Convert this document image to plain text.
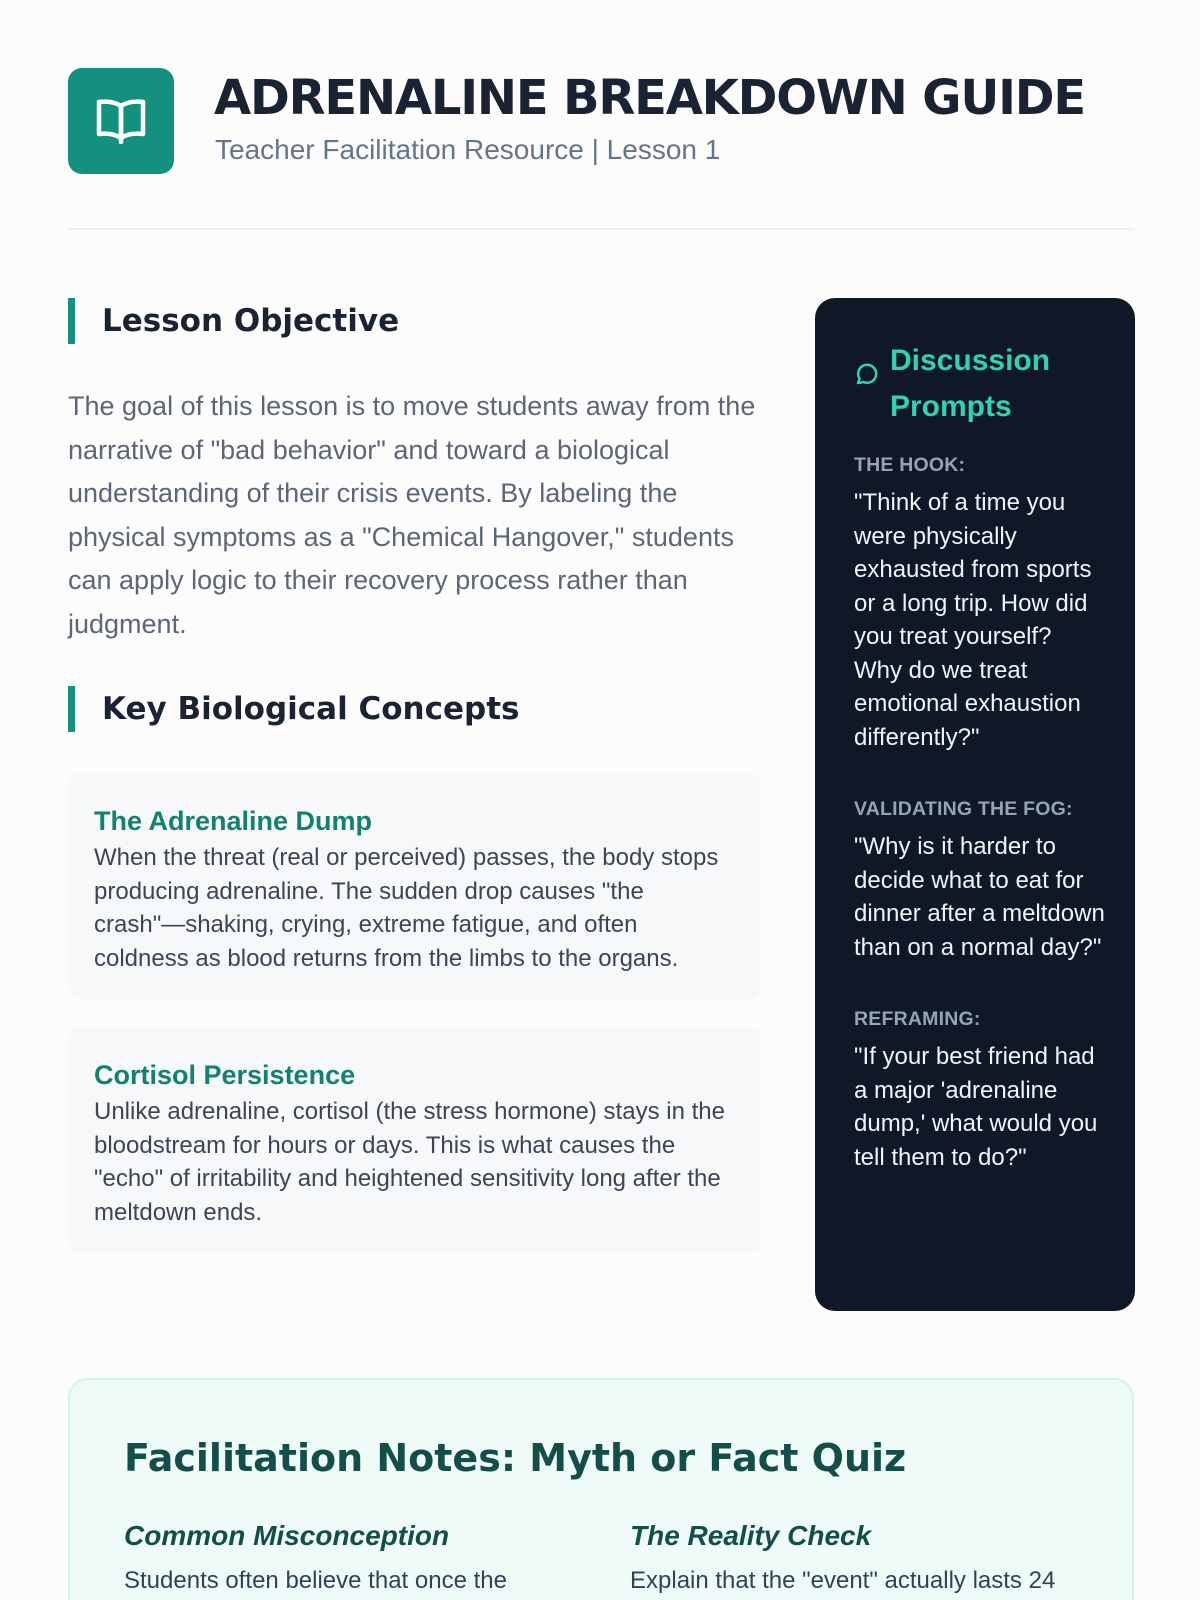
ADRENALINE BREAKDOWN GUIDE
Teacher Facilitation Resource | Lesson 1
Lesson Objective

The goal of this lesson is to move students away from the narrative of "bad behavior" and toward a biological understanding of their crisis events. By labeling the physical symptoms as a "Chemical Hangover," students can apply logic to their recovery process rather than judgment.

Key Biological Concepts
The Adrenaline Dump
When the threat (real or perceived) passes, the body stops producing adrenaline. The sudden drop causes "the crash"—shaking, crying, extreme fatigue, and often coldness as blood returns from the limbs to the organs.
Cortisol Persistence
Unlike adrenaline, cortisol (the stress hormone) stays in the bloodstream for hours or days. This is what causes the "echo" of irritability and heightened sensitivity long after the meltdown ends.
Discussion Prompts
THE HOOK:
"Think of a time you were physically exhausted from sports or a long trip. How did you treat yourself? Why do we treat emotional exhaustion differently?"
VALIDATING THE FOG:
"Why is it harder to decide what to eat for dinner after a meltdown than on a normal day?"
REFRAMING:
"If your best friend had a major 'adrenaline dump,' what would you tell them to do?"
Facilitation Notes: Myth or Fact Quiz
Common Misconception
Students often believe that once the
The Reality Check
Explain that the "event" actually lasts 24
